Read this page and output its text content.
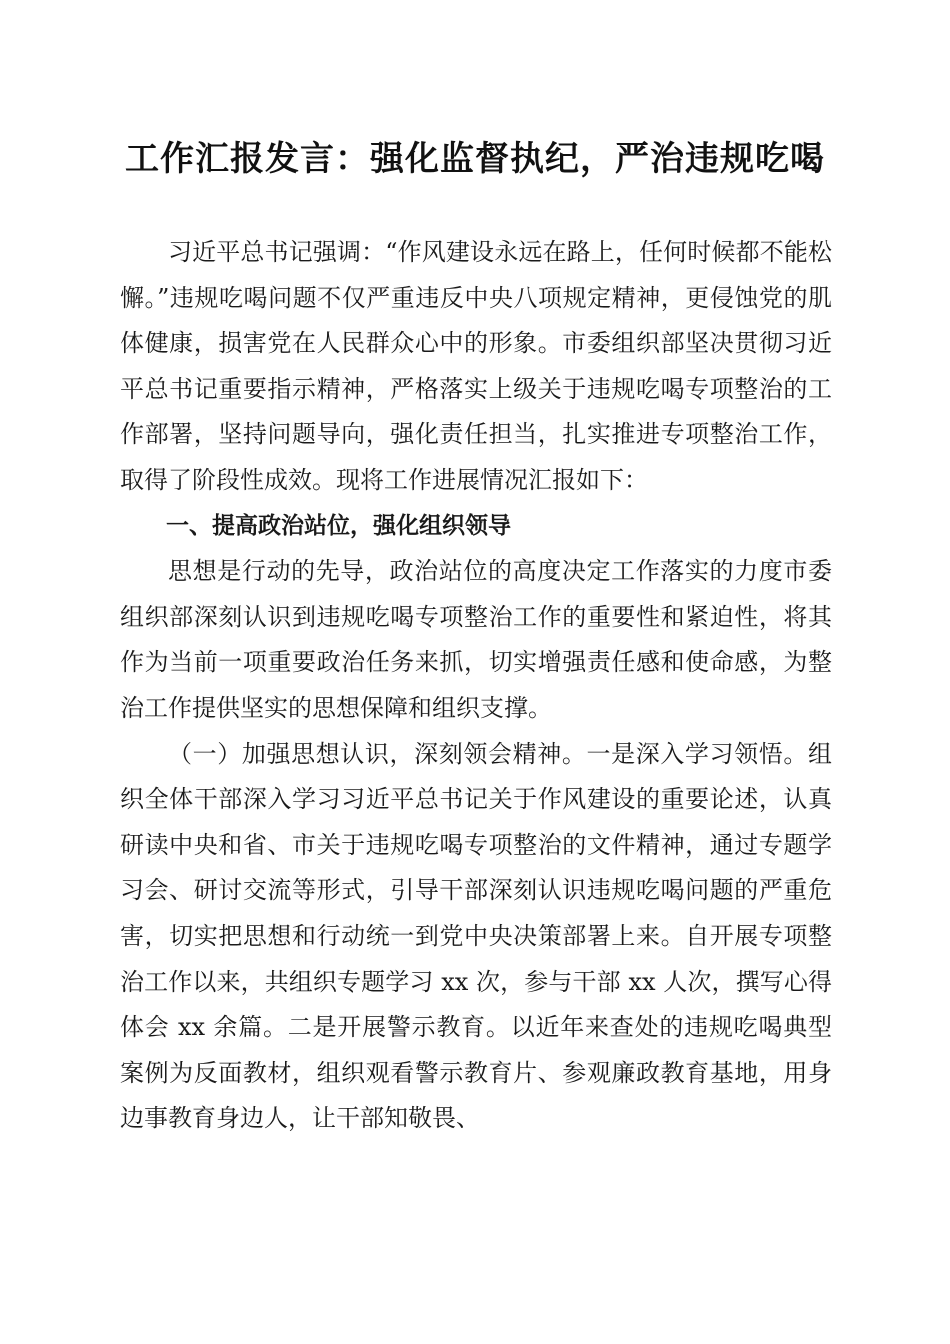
工作汇报发言：强化监督执纪，严治违规吃喝

习近平总书记强调：“作风建设永远在路上，任何时候都不能松懈。”违规吃喝问题不仅严重违反中央八项规定精神，更侵蚀党的肌体健康，损害党在人民群众心中的形象。市委组织部坚决贯彻习近平总书记重要指示精神，严格落实上级关于违规吃喝专项整治的工作部署，坚持问题导向，强化责任担当，扎实推进专项整治工作，取得了阶段性成效。现将工作进展情况汇报如下：

一、提高政治站位，强化组织领导

思想是行动的先导，政治站位的高度决定工作落实的力度市委组织部深刻认识到违规吃喝专项整治工作的重要性和紧迫性，将其作为当前一项重要政治任务来抓，切实增强责任感和使命感，为整治工作提供坚实的思想保障和组织支撑。

（一）加强思想认识，深刻领会精神。一是深入学习领悟。组织全体干部深入学习习近平总书记关于作风建设的重要论述，认真研读中央和省、市关于违规吃喝专项整治的文件精神，通过专题学习会、研讨交流等形式，引导干部深刻认识违规吃喝问题的严重危害，切实把思想和行动统一到党中央决策部署上来。自开展专项整治工作以来，共组织专题学习 xx 次，参与干部 xx 人次，撰写心得体会 xx 余篇。二是开展警示教育。以近年来查处的违规吃喝典型案例为反面教材，组织观看警示教育片、参观廉政教育基地，用身边事教育身边人，让干部知敬畏、
